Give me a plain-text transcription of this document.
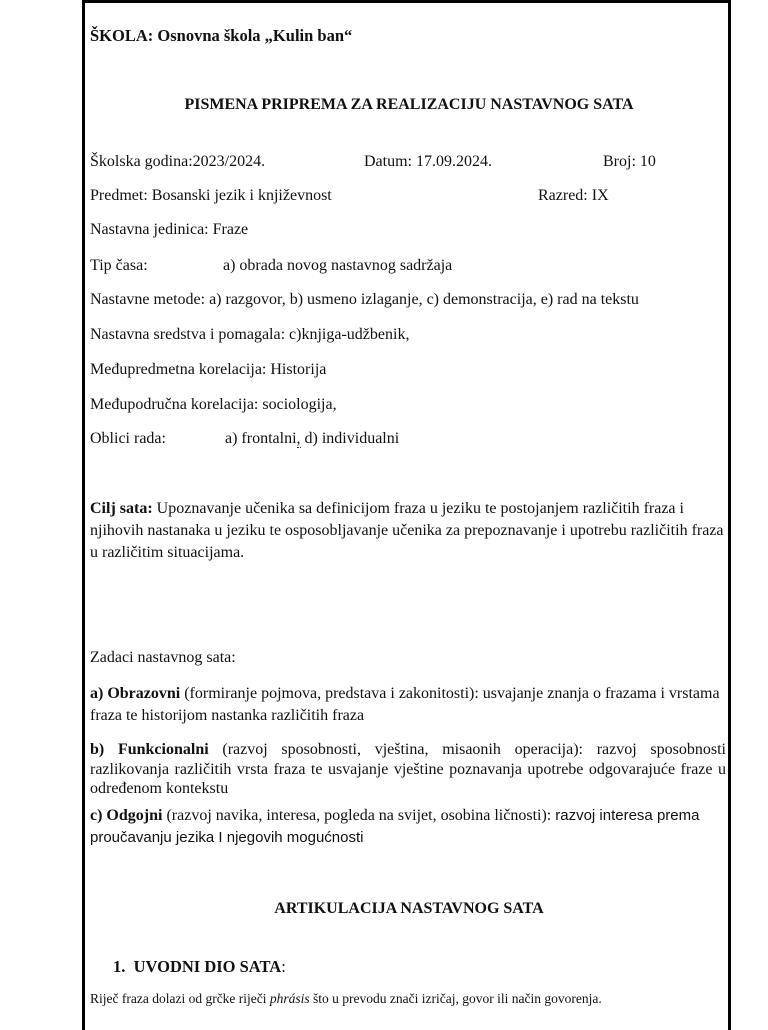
ŠKOLA: Osnovna škola „Kulin ban“
PISMENA PRIPREMA ZA REALIZACIJU NASTAVNOG SATA
Školska godina:2023/2024.	Datum: 17.09.2024.	Broj: 10
Predmet: Bosanski jezik i književnost	Razred: IX
Nastavna jedinica: Fraze
Tip časa:	a) obrada novog nastavnog sadržaja
Nastavne metode: a) razgovor, b) usmeno izlaganje, c) demonstracija, e) rad na tekstu
Nastavna sredstva i pomagala: c)knjiga-udžbenik,
Međupredmetna korelacija: Historija
Međupodručna korelacija: sociologija,
Oblici rada:	a) frontalni, d) individualni
Cilj sata: Upoznavanje učenika sa definicijom fraza u jeziku te postojanjem različitih fraza i njihovih nastanaka u jeziku te osposobljavanje učenika za prepoznavanje i upotrebu različitih fraza u različitim situacijama.
Zadaci nastavnog sata:
a) Obrazovni (formiranje pojmova, predstava i zakonitosti): usvajanje znanja o frazama i vrstama fraza te historijom nastanka različitih fraza
b) Funkcionalni (razvoj sposobnosti, vještina, misaonih operacija): razvoj sposobnosti razlikovanja različitih vrsta fraza te usvajanje vještine poznavanja upotrebe odgovarajuće fraze u određenom kontekstu
c) Odgojni (razvoj navika, interesa, pogleda na svijet, osobina ličnosti): razvoj interesa prema proučavanju jezika I njegovih mogućnosti
ARTIKULACIJA NASTAVNOG SATA
1. UVODNI DIO SATA:
Riječ fraza dolazi od grčke riječi phrásis što u prevodu znači izričaj, govor ili način govorenja.
